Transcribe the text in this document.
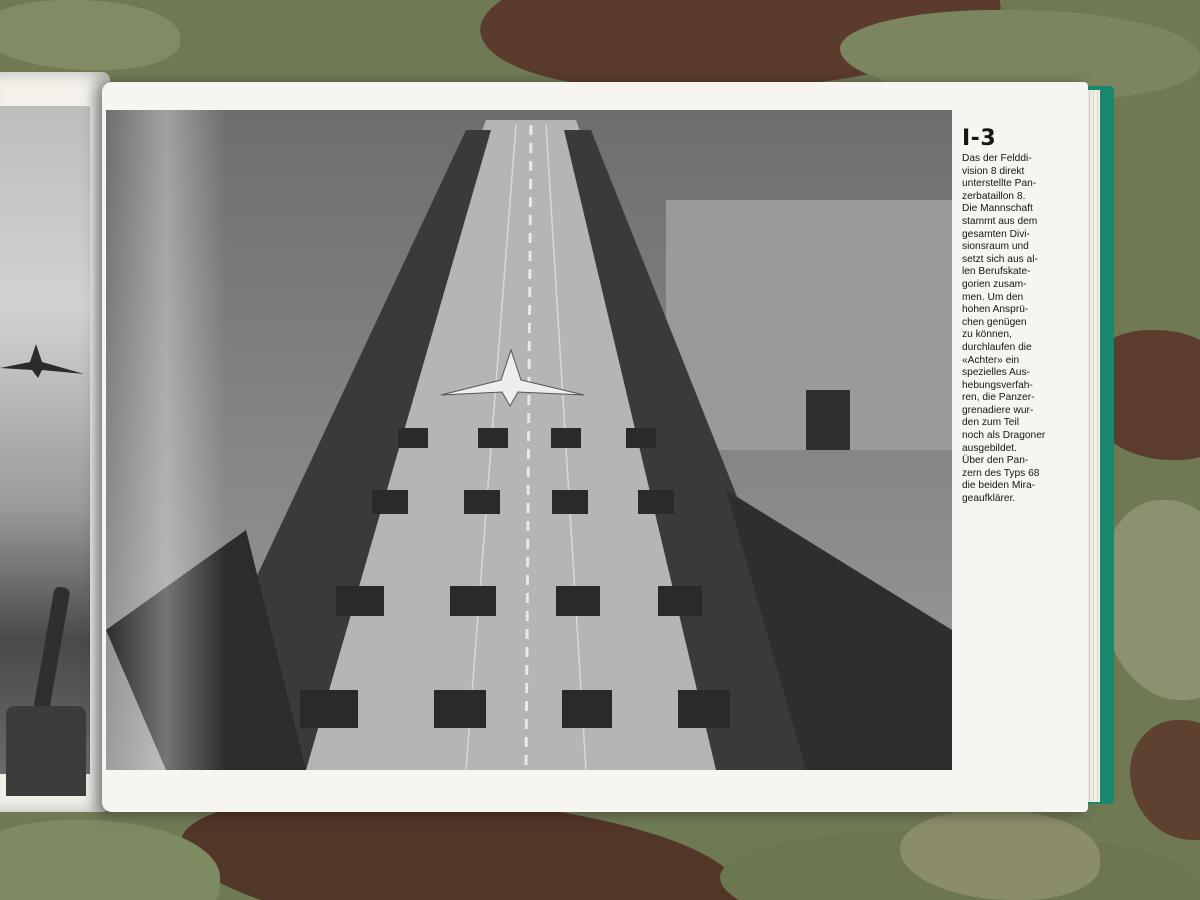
I-3

Das der Felddi-
vision 8 direkt
unterstellte Pan-
zerbataillon 8.
Die Mannschaft
stammt aus dem
gesamten Divi-
sionsraum und
setzt sich aus al-
len Berufskate-
gorien zusam-
men. Um den
hohen Ansprü-
chen genügen
zu können,
durchlaufen die
«Achter» ein
spezielles Aus-
hebungsverfah-
ren, die Panzer-
grenadiere wur-
den zum Teil
noch als Dragoner
ausgebildet.
Über den Pan-
zern des Typs 68
die beiden Mira-
geaufklärer.
